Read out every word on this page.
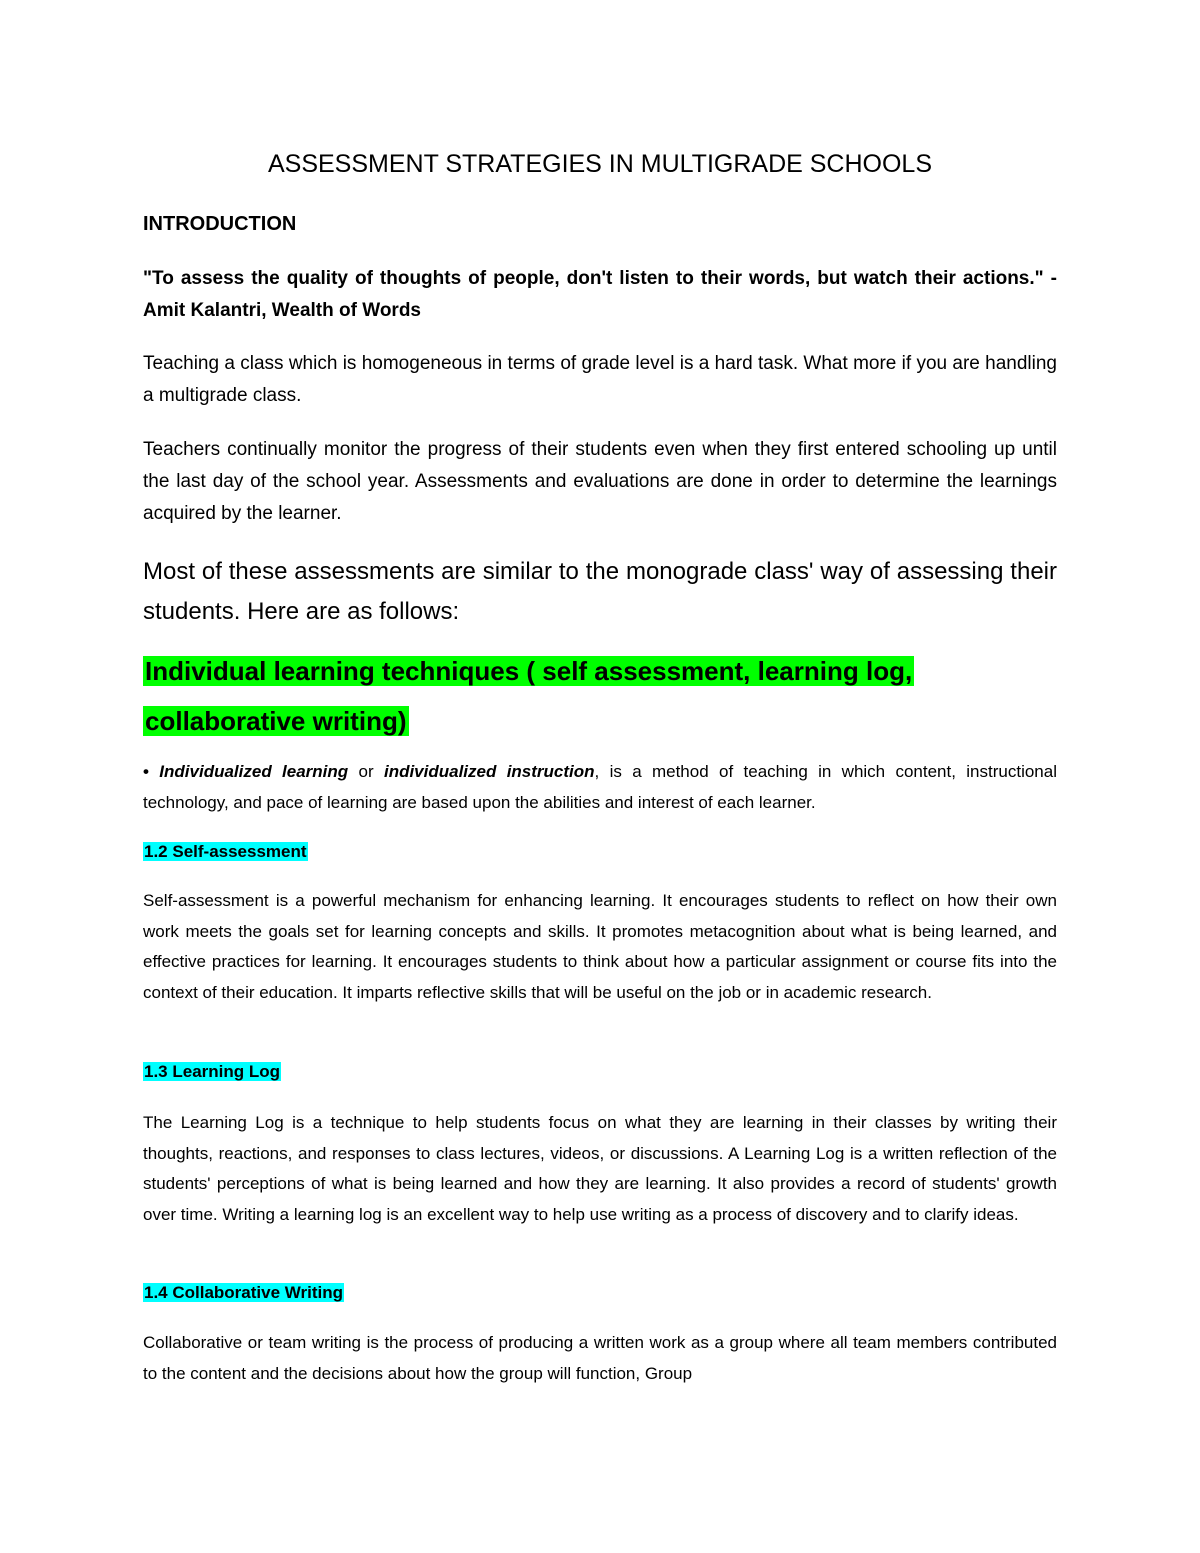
ASSESSMENT STRATEGIES IN MULTIGRADE SCHOOLS
INTRODUCTION
"To assess the quality of thoughts of people, don't listen to their words, but watch their actions." - Amit Kalantri, Wealth of Words
Teaching a class which is homogeneous in terms of grade level is a hard task. What more if you are handling a multigrade class.
Teachers continually monitor the progress of their students even when they first entered schooling up until the last day of the school year. Assessments and evaluations are done in order to determine the learnings acquired by the learner.
Most of these assessments are similar to the monograde class' way of assessing their students. Here are as follows:
Individual learning techniques ( self assessment, learning log, collaborative writing)
• Individualized learning or individualized instruction, is a method of teaching in which content, instructional technology, and pace of learning are based upon the abilities and interest of each learner.
1.2 Self-assessment
Self-assessment is a powerful mechanism for enhancing learning. It encourages students to reflect on how their own work meets the goals set for learning concepts and skills. It promotes metacognition about what is being learned, and effective practices for learning. It encourages students to think about how a particular assignment or course fits into the context of their education. It imparts reflective skills that will be useful on the job or in academic research.
1.3 Learning Log
The Learning Log is a technique to help students focus on what they are learning in their classes by writing their thoughts, reactions, and responses to class lectures, videos, or discussions. A Learning Log is a written reflection of the students' perceptions of what is being learned and how they are learning. It also provides a record of students' growth over time. Writing a learning log is an excellent way to help use writing as a process of discovery and to clarify ideas.
1.4 Collaborative Writing
Collaborative or team writing is the process of producing a written work as a group where all team members contributed to the content and the decisions about how the group will function, Group
